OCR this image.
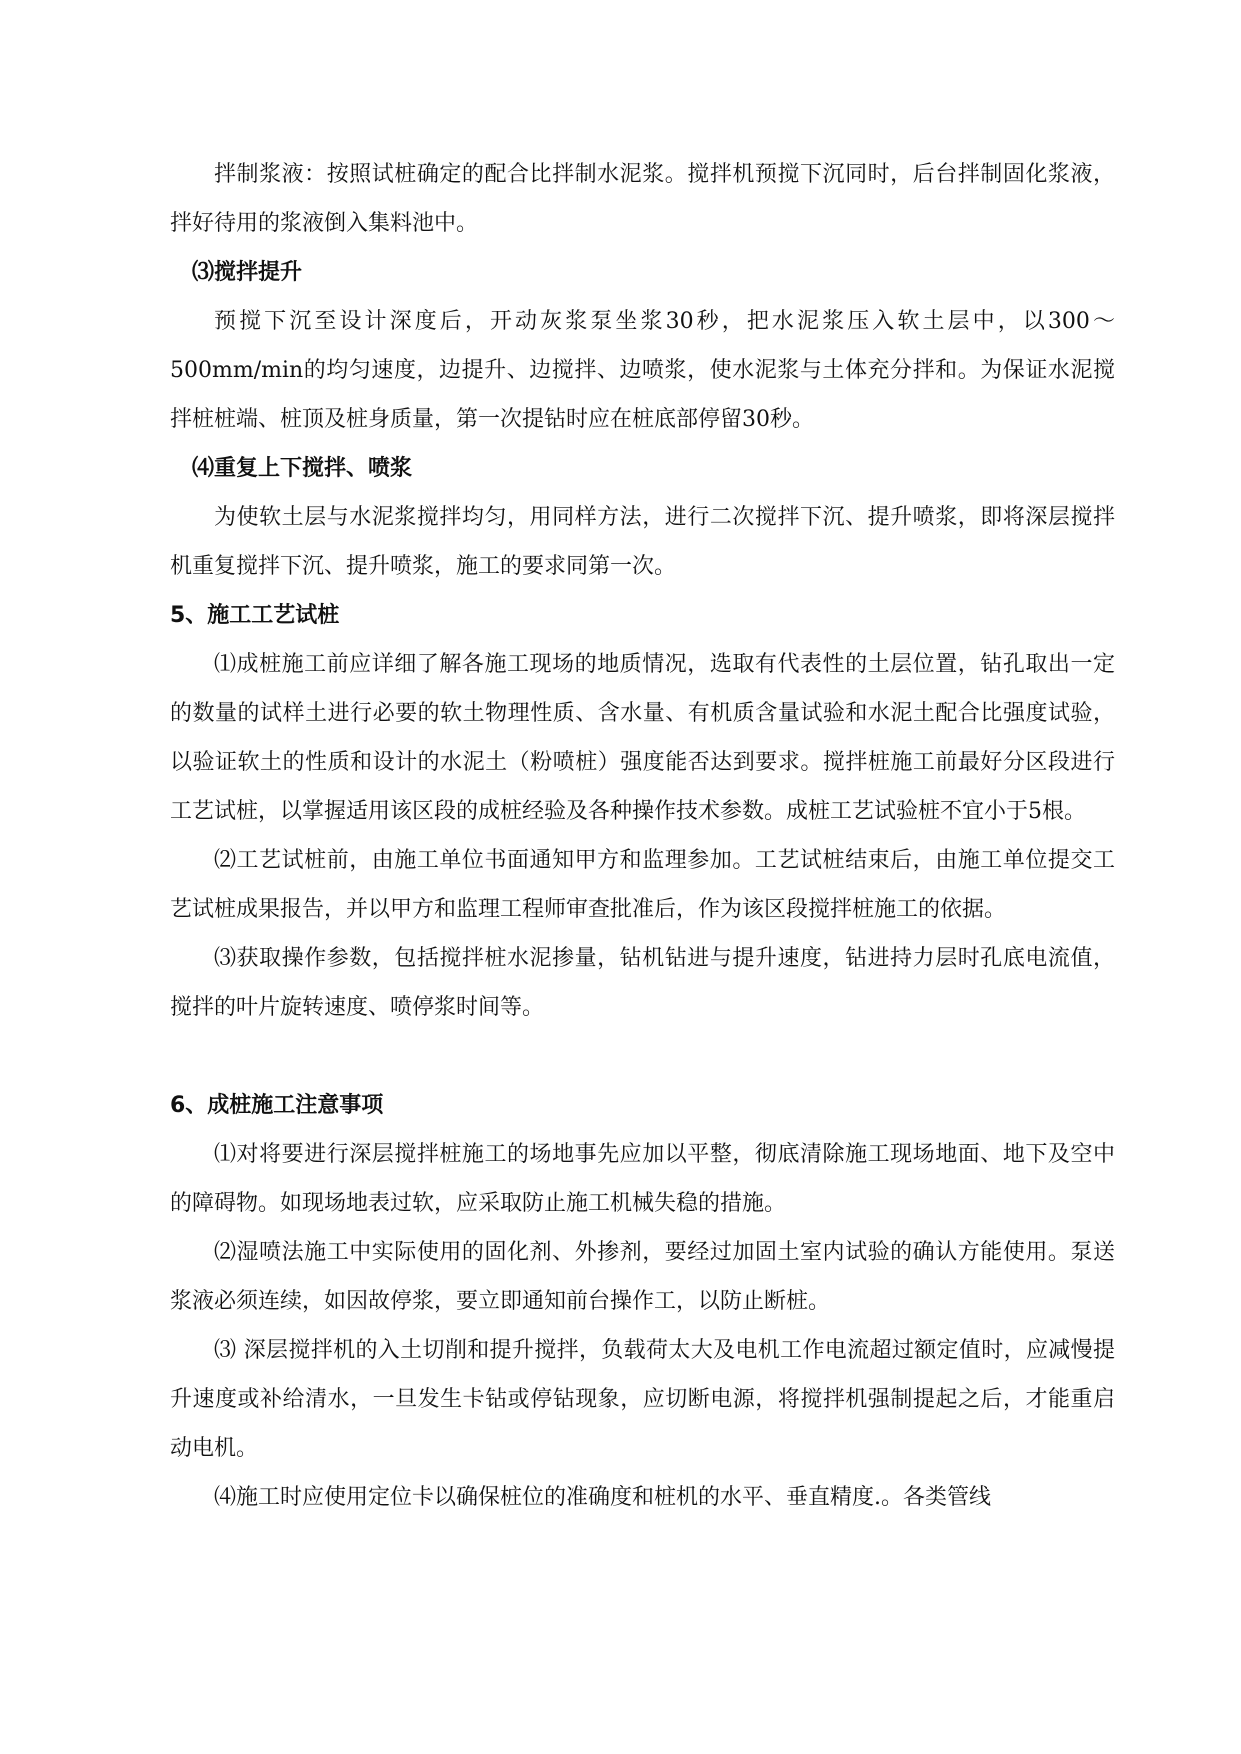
拌制浆液：按照试桩确定的配合比拌制水泥浆。搅拌机预搅下沉同时，后台拌制固化浆液，拌好待用的浆液倒入集料池中。

⑶搅拌提升

预搅下沉至设计深度后，开动灰浆泵坐浆30秒，把水泥浆压入软土层中，以300～500mm/min的均匀速度，边提升、边搅拌、边喷浆，使水泥浆与土体充分拌和。为保证水泥搅拌桩桩端、桩顶及桩身质量，第一次提钻时应在桩底部停留30秒。

⑷重复上下搅拌、喷浆

为使软土层与水泥浆搅拌均匀，用同样方法，进行二次搅拌下沉、提升喷浆，即将深层搅拌机重复搅拌下沉、提升喷浆，施工的要求同第一次。

5、施工工艺试桩

⑴成桩施工前应详细了解各施工现场的地质情况，选取有代表性的土层位置，钻孔取出一定的数量的试样土进行必要的软土物理性质、含水量、有机质含量试验和水泥土配合比强度试验，以验证软土的性质和设计的水泥土（粉喷桩）强度能否达到要求。搅拌桩施工前最好分区段进行工艺试桩，以掌握适用该区段的成桩经验及各种操作技术参数。成桩工艺试验桩不宜小于5根。

⑵工艺试桩前，由施工单位书面通知甲方和监理参加。工艺试桩结束后，由施工单位提交工艺试桩成果报告，并以甲方和监理工程师审查批准后，作为该区段搅拌桩施工的依据。

⑶获取操作参数，包括搅拌桩水泥掺量，钻机钻进与提升速度，钻进持力层时孔底电流值，搅拌的叶片旋转速度、喷停浆时间等。

6、成桩施工注意事项

⑴对将要进行深层搅拌桩施工的场地事先应加以平整，彻底清除施工现场地面、地下及空中的障碍物。如现场地表过软，应采取防止施工机械失稳的措施。

⑵湿喷法施工中实际使用的固化剂、外掺剂，要经过加固土室内试验的确认方能使用。泵送浆液必须连续，如因故停浆，要立即通知前台操作工，以防止断桩。

⑶ 深层搅拌机的入土切削和提升搅拌，负载荷太大及电机工作电流超过额定值时，应减慢提升速度或补给清水，一旦发生卡钻或停钻现象，应切断电源，将搅拌机强制提起之后，才能重启动电机。

⑷施工时应使用定位卡以确保桩位的准确度和桩机的水平、垂直精度.。各类管线
